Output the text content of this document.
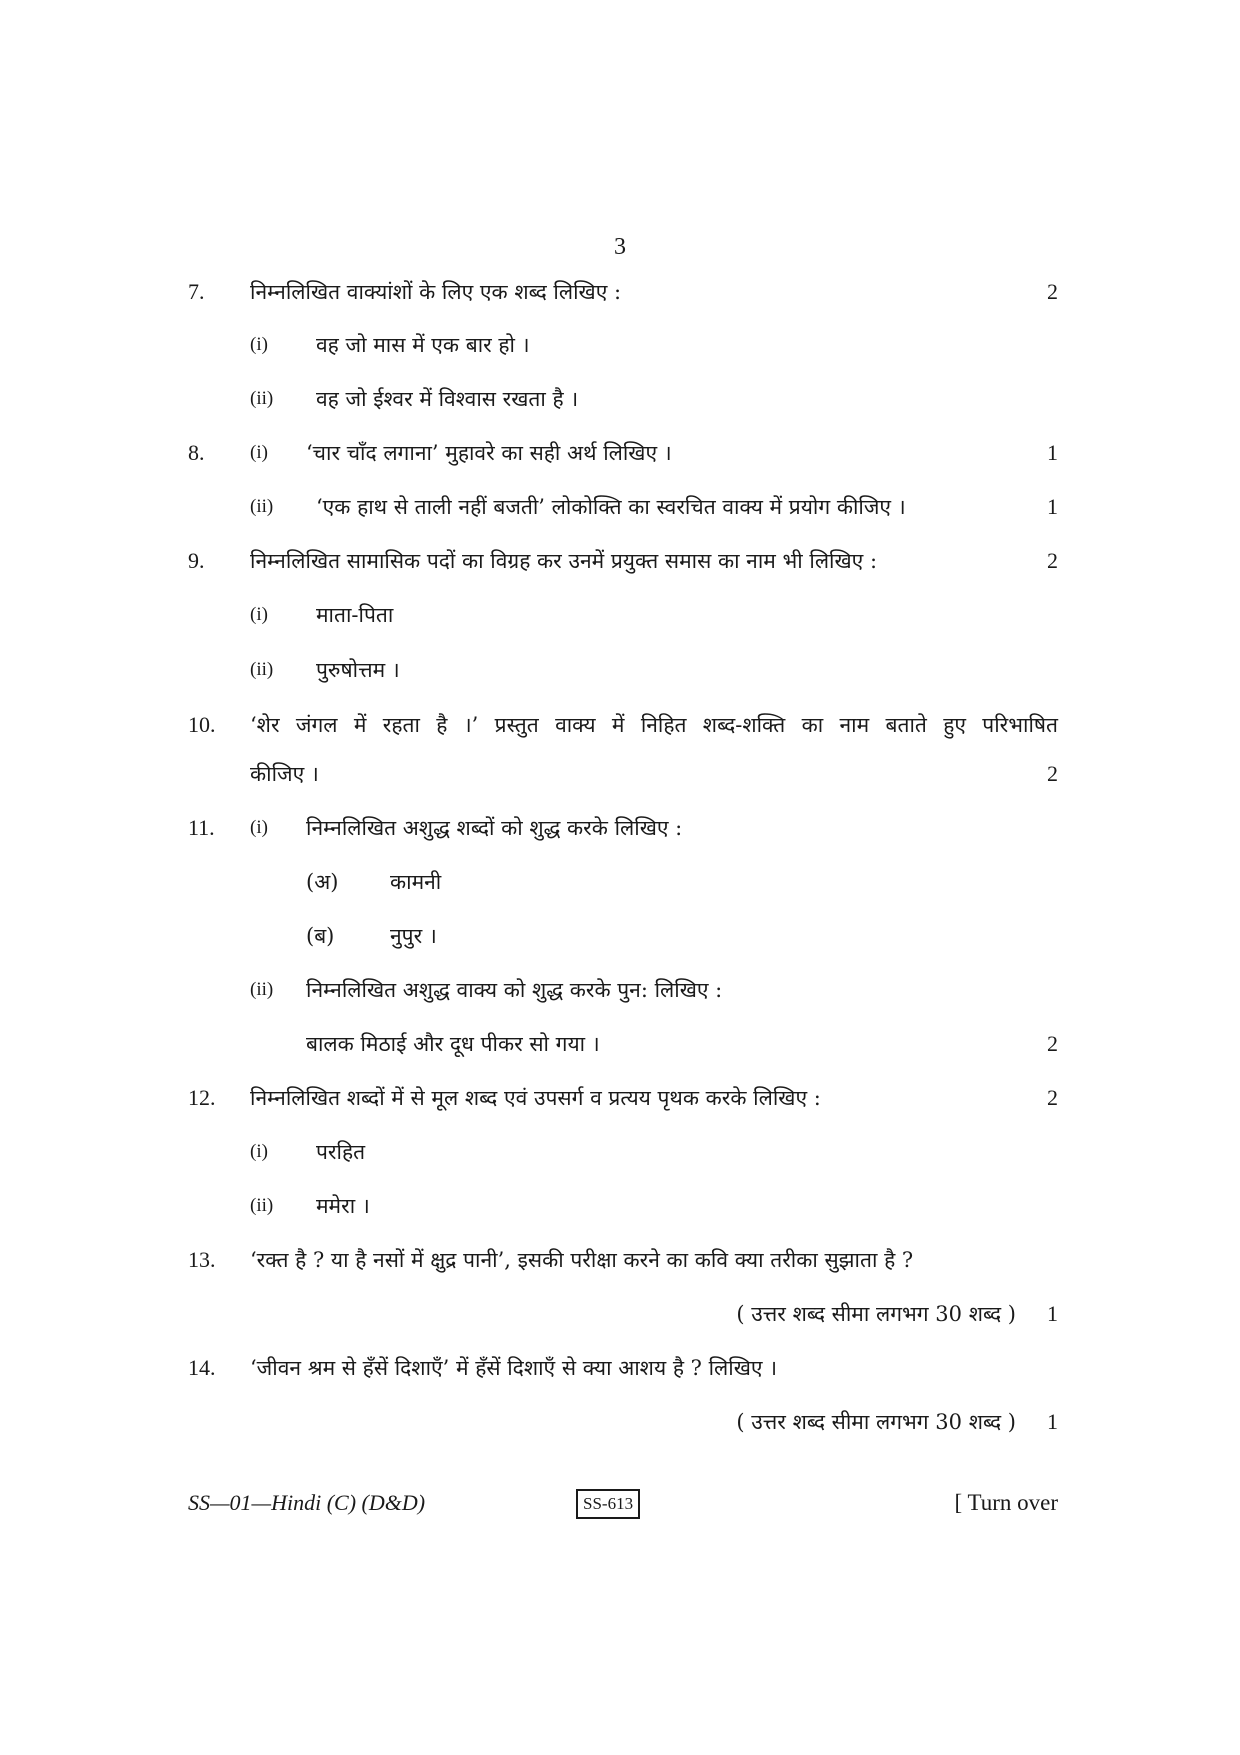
3
7. निम्नलिखित वाक्यांशों के लिए एक शब्द लिखिए :	2
(i) वह जो मास में एक बार हो ।
(ii) वह जो ईश्वर में विश्वास रखता है ।
8. (i) ‘चार चाँद लगाना’ मुहावरे का सही अर्थ लिखिए ।	1
(ii) ‘एक हाथ से ताली नहीं बजती’ लोकोक्ति का स्वरचित वाक्य में प्रयोग कीजिए ।	1
9. निम्नलिखित सामासिक पदों का विग्रह कर उनमें प्रयुक्त समास का नाम भी लिखिए :	2
(i) माता-पिता
(ii) पुरुषोत्तम ।
10. ‘शेर जंगल में रहता है ।’ प्रस्तुत वाक्य में निहित शब्द-शक्ति का नाम बताते हुए परिभाषित
कीजिए ।	2
11. (i) निम्नलिखित अशुद्ध शब्दों को शुद्ध करके लिखिए :
(अ) कामनी
(ब)	नुपुर ।
(ii) निम्नलिखित अशुद्ध वाक्य को शुद्ध करके पुन: लिखिए :
बालक मिठाई और दूध पीकर सो गया ।	2
12. निम्नलिखित शब्दों में से मूल शब्द एवं उपसर्ग व प्रत्यय पृथक करके लिखिए :	2
(i) परहित
(ii) ममेरा ।
13. ‘रक्त है ? या है नसों में क्षुद्र पानी’, इसकी परीक्षा करने का कवि क्या तरीका सुझाता है ?
( उत्तर शब्द सीमा लगभग 30 शब्द ) 1
14. ‘जीवन श्रम से हँसें दिशाएँ’ में हँसें दिशाएँ से क्या आशय है ? लिखिए ।
( उत्तर शब्द सीमा लगभग 30 शब्द ) 1
SS—01—Hindi (C) (D&D)	SS-613	[ Turn over
